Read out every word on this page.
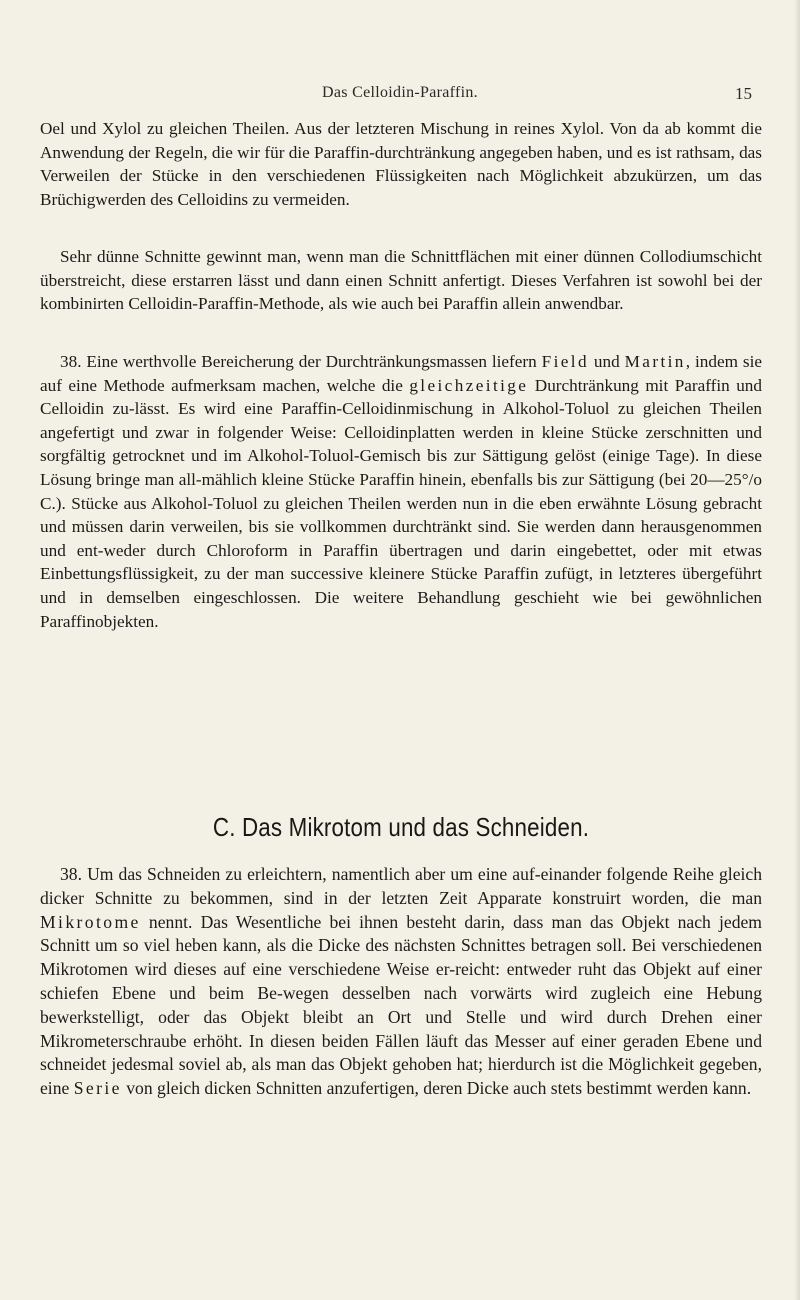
Das Celloidin-Paraffin.	15

Oel und Xylol zu gleichen Theilen. Aus der letzteren Mischung in reines Xylol. Von da ab kommt die Anwendung der Regeln, die wir für die Paraffin-durchtränkung angegeben haben, und es ist rathsam, das Verweilen der Stücke in den verschiedenen Flüssigkeiten nach Möglichkeit abzukürzen, um das Brüchigwerden des Celloidins zu vermeiden.

Sehr dünne Schnitte gewinnt man, wenn man die Schnittflächen mit einer dünnen Collodiumschicht überstreicht, diese erstarren lässt und dann einen Schnitt anfertigt. Dieses Verfahren ist sowohl bei der kombinirten Celloidin-Paraffin-Methode, als wie auch bei Paraffin allein anwendbar.

38. Eine werthvolle Bereicherung der Durchtränkungsmassen liefern Field und Martin, indem sie auf eine Methode aufmerksam machen, welche die gleichzeitige Durchtränkung mit Paraffin und Celloidin zu-lässt. Es wird eine Paraffin-Celloidinmischung in Alkohol-Toluol zu gleichen Theilen angefertigt und zwar in folgender Weise: Celloidinplatten werden in kleine Stücke zerschnitten und sorgfältig getrocknet und im Alkohol-Toluol-Gemisch bis zur Sättigung gelöst (einige Tage). In diese Lösung bringe man all-mählich kleine Stücke Paraffin hinein, ebenfalls bis zur Sättigung (bei 20—25°/o C.). Stücke aus Alkohol-Toluol zu gleichen Theilen werden nun in die eben erwähnte Lösung gebracht und müssen darin verweilen, bis sie vollkommen durchtränkt sind. Sie werden dann herausgenommen und ent-weder durch Chloroform in Paraffin übertragen und darin eingebettet, oder mit etwas Einbettungsflüssigkeit, zu der man successive kleinere Stücke Paraffin zufügt, in letzteres übergeführt und in demselben eingeschlossen. Die weitere Behandlung geschieht wie bei gewöhnlichen Paraffinobjekten.

C. Das Mikrotom und das Schneiden.

38. Um das Schneiden zu erleichtern, namentlich aber um eine auf-einander folgende Reihe gleich dicker Schnitte zu bekommen, sind in der letzten Zeit Apparate konstruirt worden, die man Mikrotome nennt. Das Wesentliche bei ihnen besteht darin, dass man das Objekt nach jedem Schnitt um so viel heben kann, als die Dicke des nächsten Schnittes betragen soll. Bei verschiedenen Mikrotomen wird dieses auf eine verschiedene Weise er-reicht: entweder ruht das Objekt auf einer schiefen Ebene und beim Be-wegen desselben nach vorwärts wird zugleich eine Hebung bewerkstelligt, oder das Objekt bleibt an Ort und Stelle und wird durch Drehen einer Mikrometerschraube erhöht. In diesen beiden Fällen läuft das Messer auf einer geraden Ebene und schneidet jedesmal soviel ab, als man das Objekt gehoben hat; hierdurch ist die Möglichkeit gegeben, eine Serie von gleich dicken Schnitten anzufertigen, deren Dicke auch stets bestimmt werden kann.
